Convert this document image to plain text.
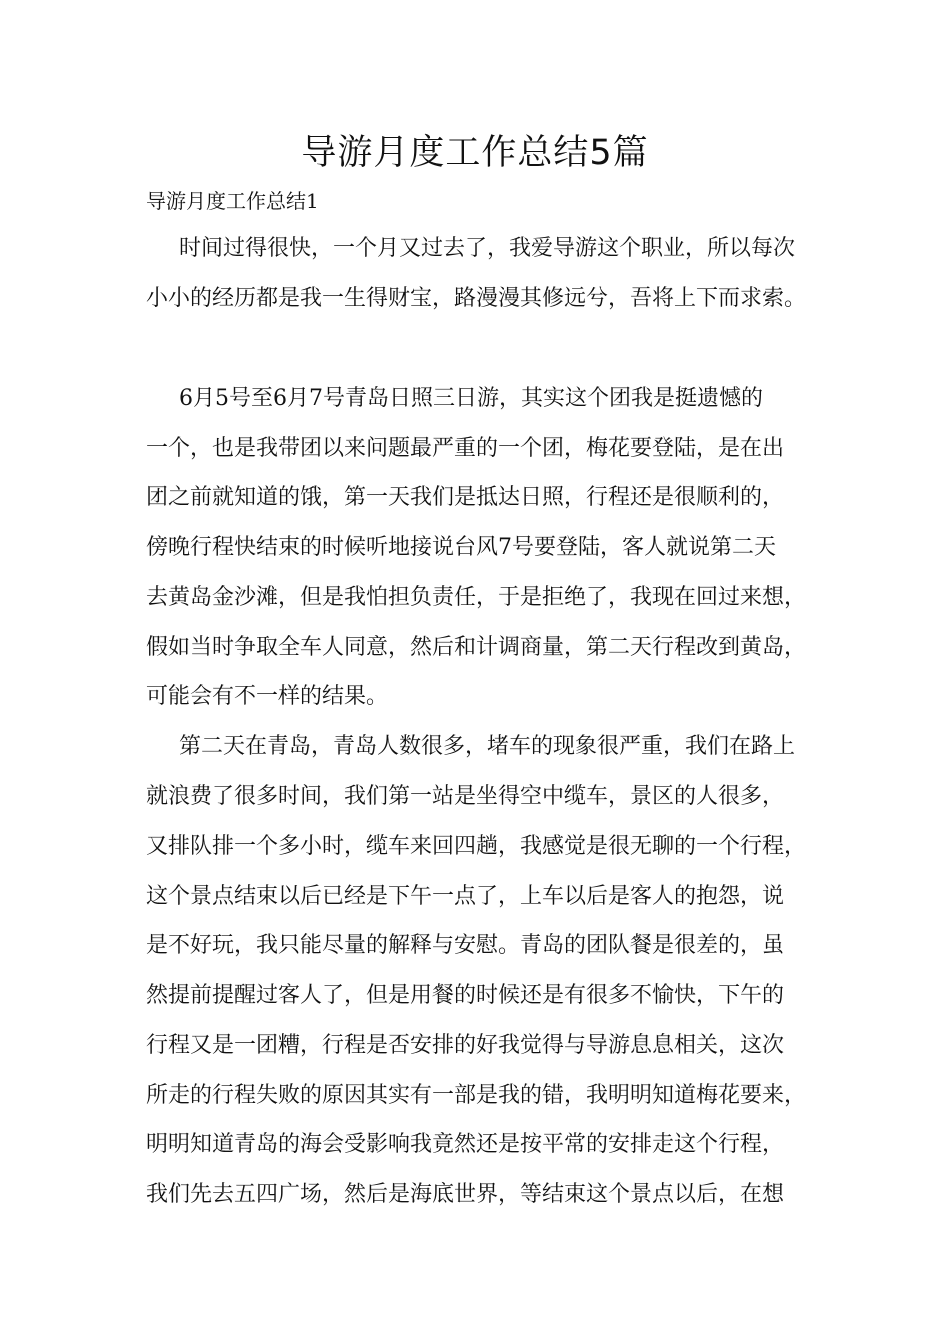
导游月度工作总结5篇
导游月度工作总结1
时间过得很快，一个月又过去了，我爱导游这个职业，所以每次
小小的经历都是我一生得财宝，路漫漫其修远兮，吾将上下而求索。
6月5号至6月7号青岛日照三日游，其实这个团我是挺遗憾的
一个，也是我带团以来问题最严重的一个团，梅花要登陆，是在出
团之前就知道的饿，第一天我们是抵达日照，行程还是很顺利的，
傍晚行程快结束的时候听地接说台风7号要登陆，客人就说第二天
去黄岛金沙滩，但是我怕担负责任，于是拒绝了，我现在回过来想，
假如当时争取全车人同意，然后和计调商量，第二天行程改到黄岛，
可能会有不一样的结果。
第二天在青岛，青岛人数很多，堵车的现象很严重，我们在路上
就浪费了很多时间，我们第一站是坐得空中缆车，景区的人很多，
又排队排一个多小时，缆车来回四趟，我感觉是很无聊的一个行程，
这个景点结束以后已经是下午一点了，上车以后是客人的抱怨，说
是不好玩，我只能尽量的解释与安慰。青岛的团队餐是很差的，虽
然提前提醒过客人了，但是用餐的时候还是有很多不愉快，下午的
行程又是一团糟，行程是否安排的好我觉得与导游息息相关，这次
所走的行程失败的原因其实有一部是我的错，我明明知道梅花要来，
明明知道青岛的海会受影响我竟然还是按平常的安排走这个行程，
我们先去五四广场，然后是海底世界，等结束这个景点以后，在想
